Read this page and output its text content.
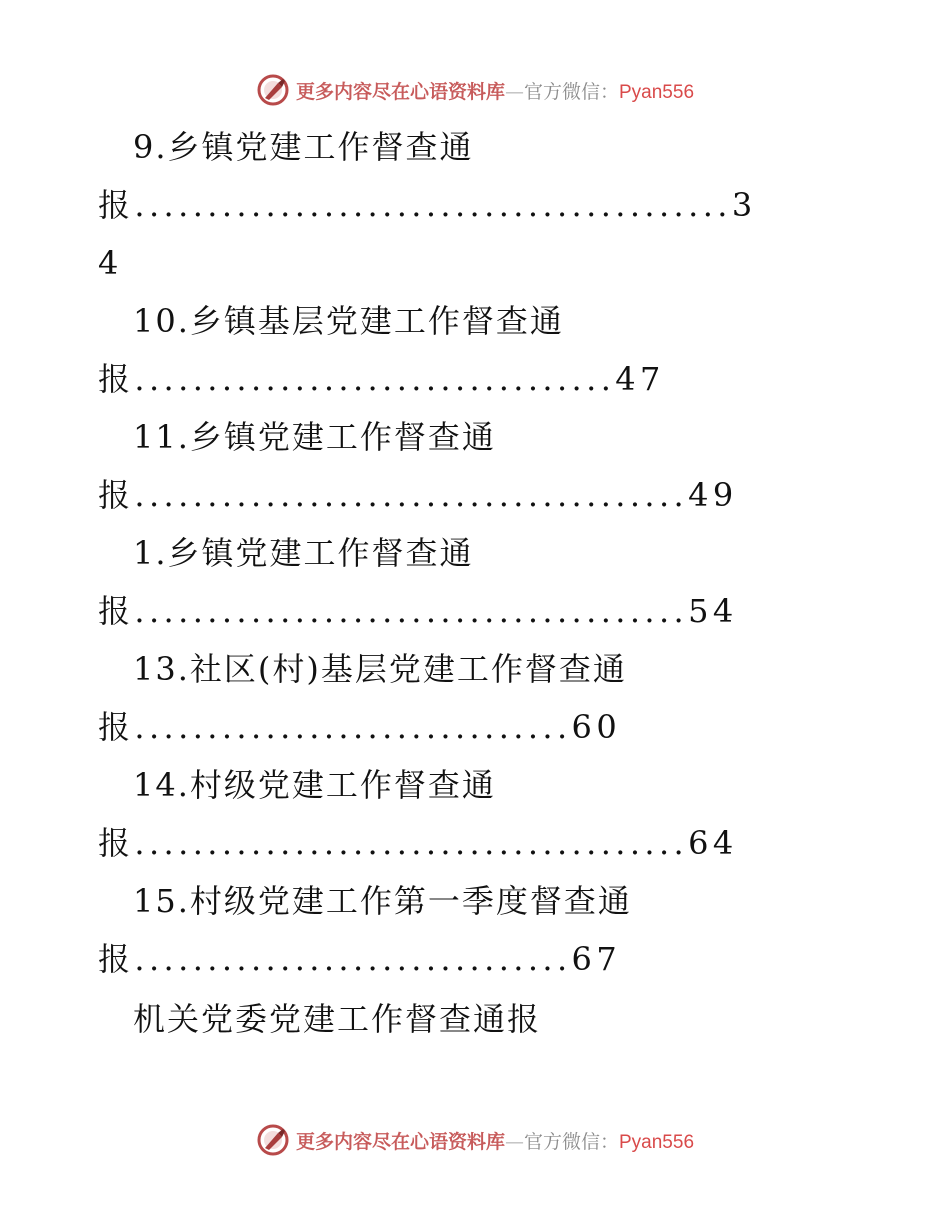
更多内容尽在心语资料库—官方微信：Pyan556
9.乡镇党建工作督查通
报.........................................3
4
10.乡镇基层党建工作督查通
报.................................47
11.乡镇党建工作督查通
报......................................49
1.乡镇党建工作督查通
报......................................54
13.社区(村)基层党建工作督查通
报..............................60
14.村级党建工作督查通
报......................................64
15.村级党建工作第一季度督查通
报..............................67
机关党委党建工作督查通报
更多内容尽在心语资料库—官方微信：Pyan556
